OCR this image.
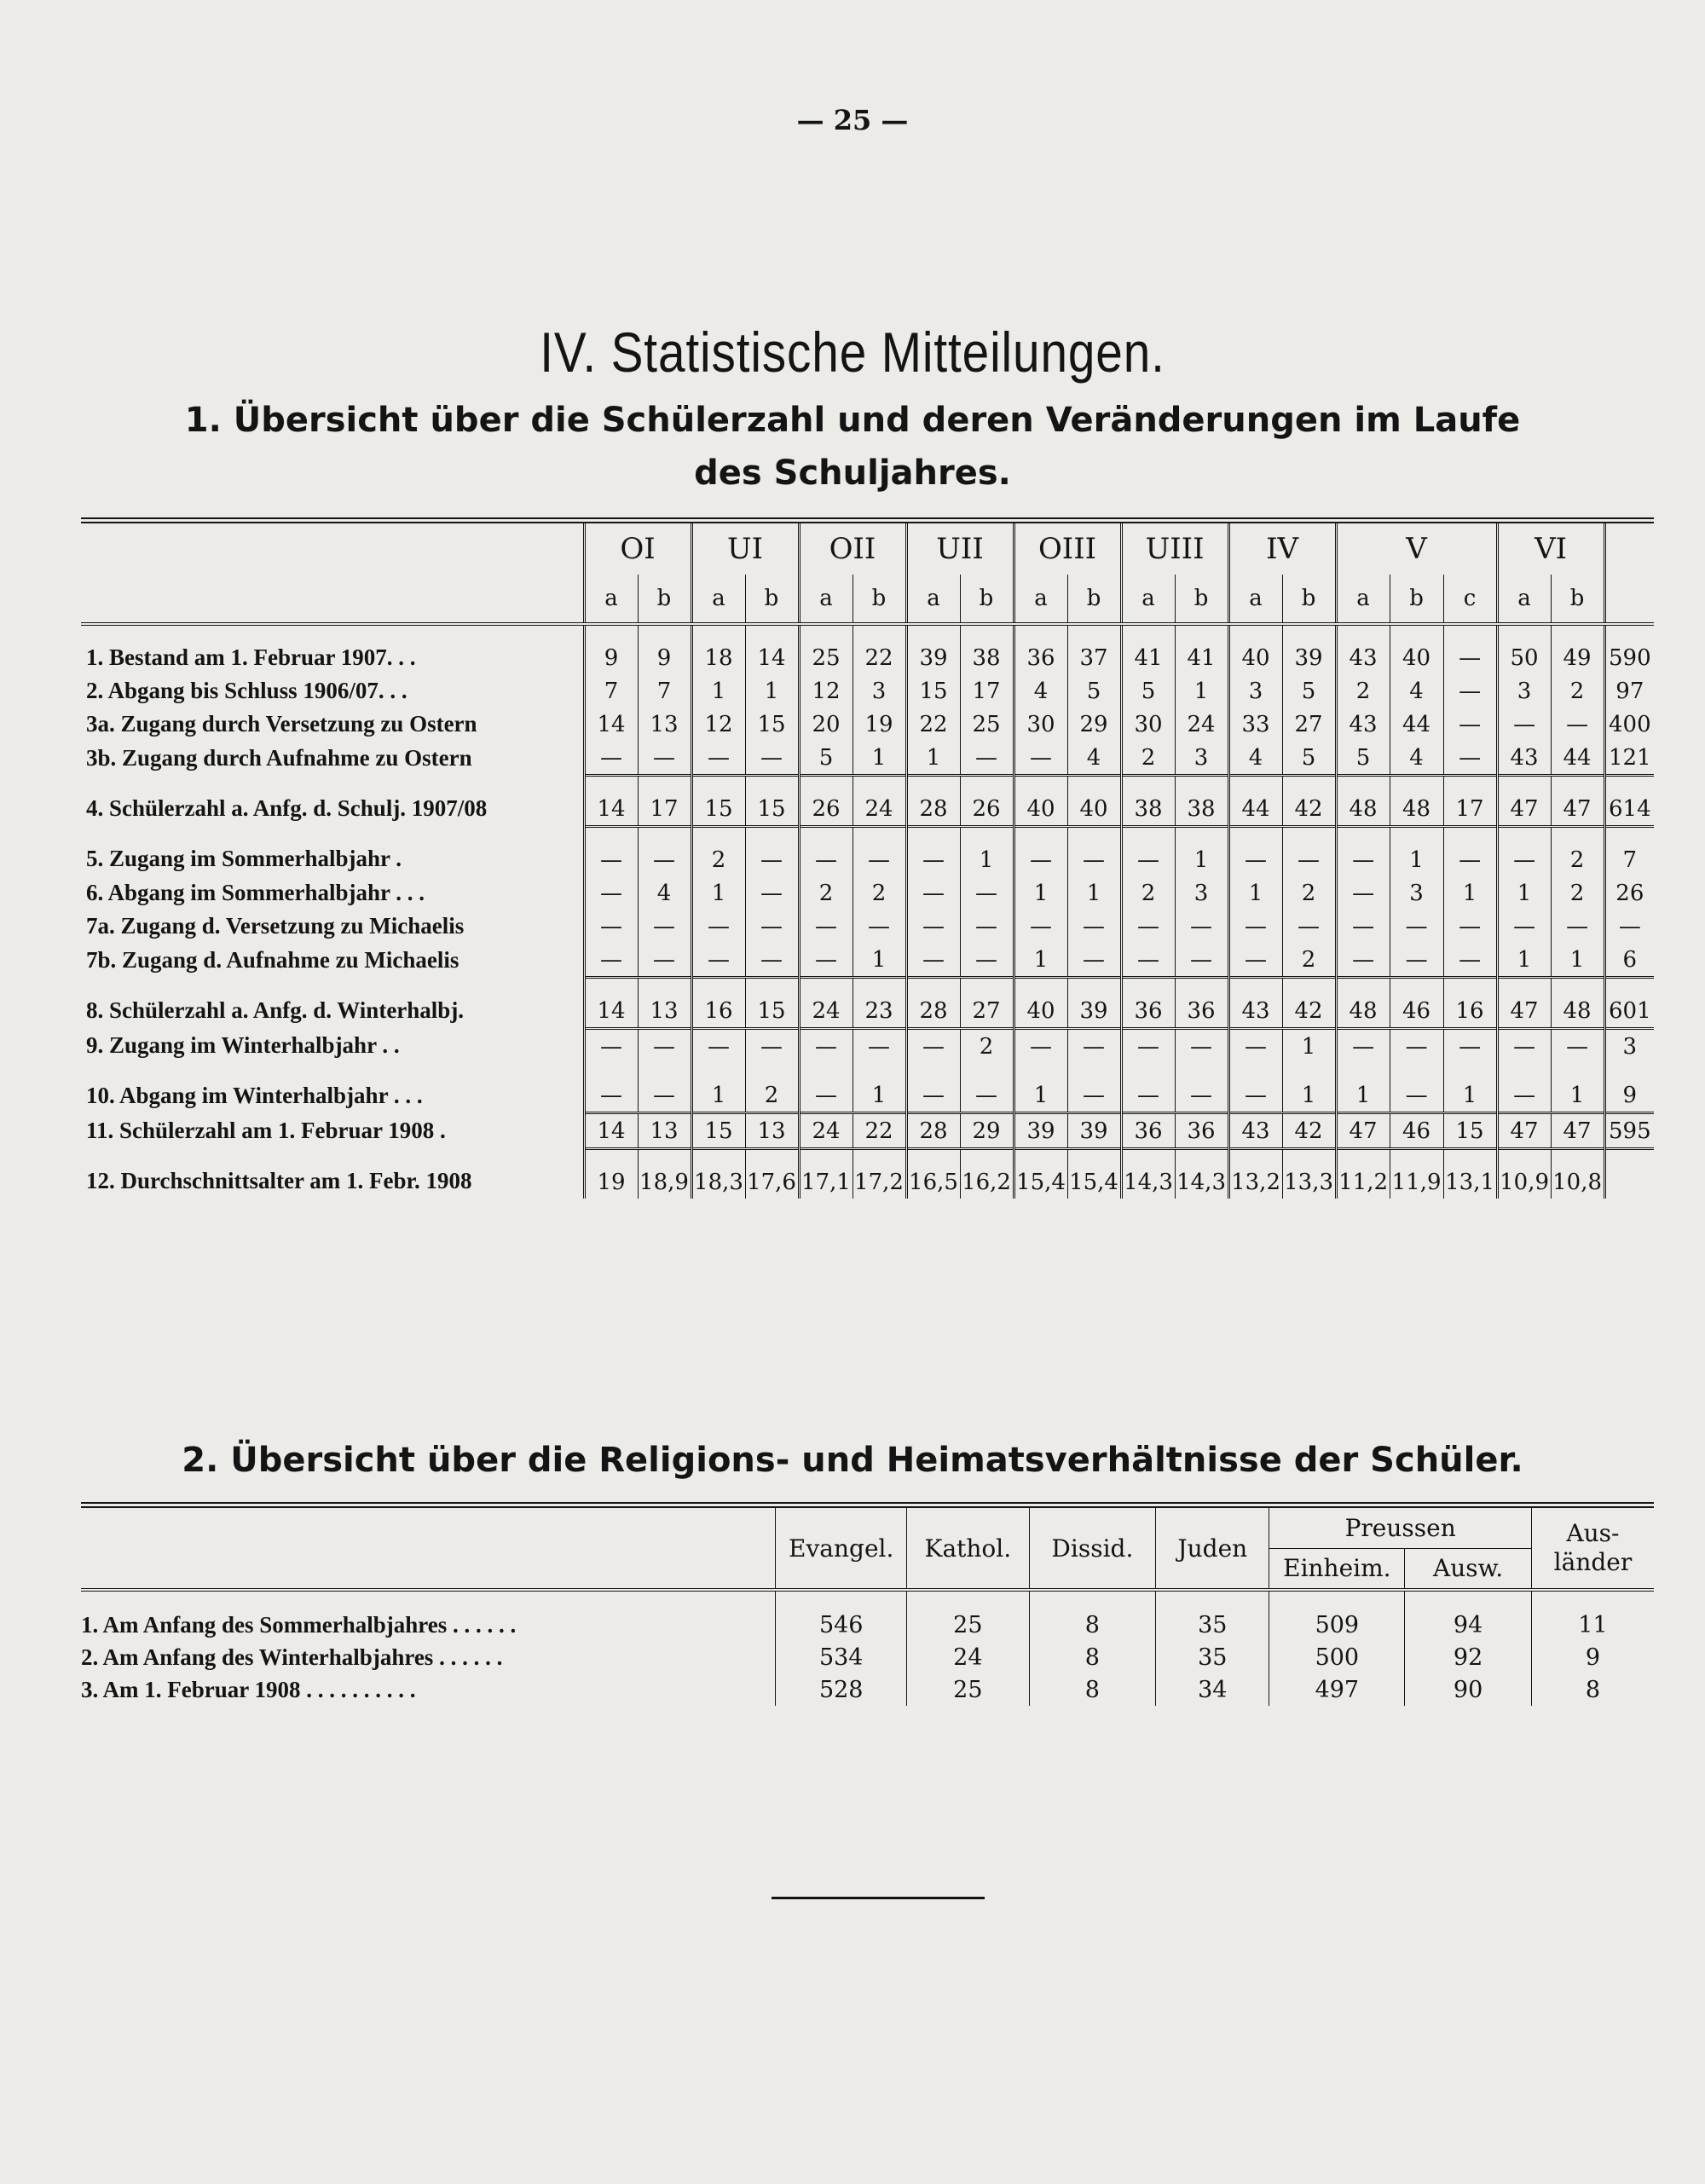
— 25 —
IV. Statistische Mitteilungen.
1. Übersicht über die Schülerzahl und deren Veränderungen im Laufe
des Schuljahres.
	OI		UI		OII		UII		OIII		UIII		IV		V			VI		
	a	b	a	b	a	b	a	b	a	b	a	b	a	b	a	b	c	a	b	
1. Bestand am 1. Februar 1907. . .	9	9	18	14	25	22	39	38	36	37	41	41	40	39	43	40	—	50	49	590
2. Abgang bis Schluss 1906/07. . .	7	7	1	1	12	3	15	17	4	5	5	1	3	5	2	4	—	3	2	97
3a. Zugang durch Versetzung zu Ostern	14	13	12	15	20	19	22	25	30	29	30	24	33	27	43	44	—	—	—	400
3b. Zugang durch Aufnahme zu Ostern	—	—	—	—	5	1	1	—	—	4	2	3	4	5	5	4	—	43	44	121
4. Schülerzahl a. Anfg. d. Schulj. 1907/08	14	17	15	15	26	24	28	26	40	40	38	38	44	42	48	48	17	47	47	614
5. Zugang im Sommerhalbjahr .	—	—	2	—	—	—	—	1	—	—	—	1	—	—	—	1	—	—	2	7
6. Abgang im Sommerhalbjahr . . .	—	4	1	—	2	2	—	—	1	1	2	3	1	2	—	3	1	1	2	26
7a. Zugang d. Versetzung zu Michaelis	—	—	—	—	—	—	—	—	—	—	—	—	—	—	—	—	—	—	—	—
7b. Zugang d. Aufnahme zu Michaelis	—	—	—	—	—	1	—	—	1	—	—	—	—	2	—	—	—	1	1	6
8. Schülerzahl a. Anfg. d. Winterhalbj.	14	13	16	15	24	23	28	27	40	39	36	36	43	42	48	46	16	47	48	601
9. Zugang im Winterhalbjahr . .	—	—	—	—	—	—	—	2	—	—	—	—	—	1	—	—	—	—	—	3
10. Abgang im Winterhalbjahr . . .	—	—	1	2	—	1	—	—	1	—	—	—	—	1	1	—	1	—	1	9
11. Schülerzahl am 1. Februar 1908 .	14	13	15	13	24	22	28	29	39	39	36	36	43	42	47	46	15	47	47	595
12. Durchschnittsalter am 1. Febr. 1908	19	18,9	18,3	17,6	17,1	17,2	16,5	16,2	15,4	15,4	14,3	14,3	13,2	13,3	11,2	11,9	13,1	10,9	10,8	
2. Übersicht über die Religions- und Heimatsverhältnisse der Schüler.
	Evangel.	Kathol.	Dissid.	Juden	Preussen		Aus-
länder
					Einheim.	Ausw.	
1. Am Anfang des Sommerhalbjahres . . . . . .	546	25	8	35	509	94	11
2. Am Anfang des Winterhalbjahres . . . . . .	534	24	8	35	500	92	9
3. Am 1. Februar 1908 . . . . . . . . . .	528	25	8	34	497	90	8
